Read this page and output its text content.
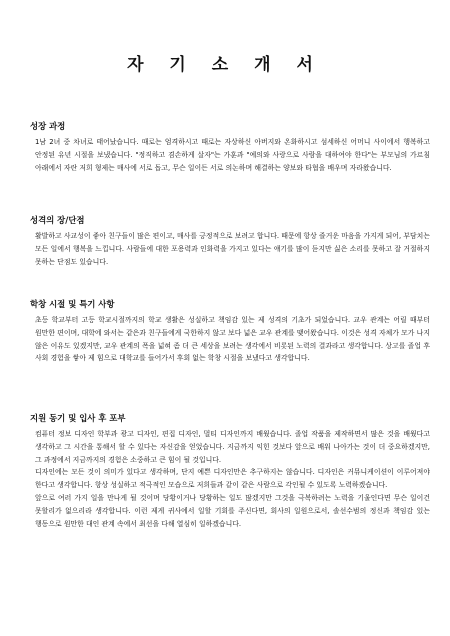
자 기 소 개 서
성장 과정

1남 2녀 중 차녀로 태어났습니다. 때로는 엄격하시고 때로는 자상하신 아버지와 온화하시고 섬세하신 어머니 사이에서 행복하고 안정된 유년 시절을 보냈습니다. "정직하고 겸손하게 살자"는 가훈과 "예의와 사랑으로 사람을 대하여야 한다"는 부모님의 가르침 아래에서 자란 저희 형제는 매사에 서로 돕고, 무슨 일이든 서로 의논하며 해결하는 양보와 타협을 배우며 자라왔습니다.

성격의 장/단점

활발하고 사교성이 좋아 친구들이 많은 편이고, 매사를 긍정적으로 보려고 합니다. 때문에 항상 즐거운 마음을 가지게 되어, 부담치는 모든 일에서 행복을 느낍니다. 사람들에 대한 포용력과 인화력을 가지고 있다는 얘기를 많이 듣지만 싫은 소리를 못하고 잘 거절하지 못하는 단점도 있습니다.

학창 시절 및 특기 사항

초등 학교부터 고등 학교시절까지의 학교 생활은 성실하고 책임감 있는 제 성격의 기초가 되었습니다. 교우 관계는 어릴 때부터 원만한 편이며, 대학에 와서는 같은과 친구들에게 국한하지 않고 보다 넓은 교우 관계를 맺어왔습니다. 이것은 성격 자체가 모가 나지 않은 이유도 있겠지만, 교우 관계의 폭을 넓혀 좀 더 큰 세상을 보려는 생각에서 비롯된 노력의 결과라고 생각합니다. 상고를 졸업 후 사회 경험을 쌓아 제 힘으로 대학교를 들어가서 후회 없는 학창 시절을 보냈다고 생각합니다.

지원 동기 및 입사 후 포부

컴퓨터 정보 디자인 학부과 광고 디자인, 편집 디자인, 멀티 디자인까지 배웠습니다. 졸업 작품을 제작하면서 많은 것을 배웠다고 생각하고 그 시간을 통해서 할 수 있다는 자신감을 얻었습니다. 지금까지 익힌 것보다 앞으로 배워 나아가는 것이 더 중요하겠지만, 그 과정에서 지금까지의 경험은 소중하고 큰 힘이 될 것입니다.
디자인에는 모든 것이 의미가 있다고 생각하며, 단지 예쁜 디자인만은 추구하지는 않습니다. 디자인은 커뮤니케이션이 이루어져야 한다고 생각합니다. 항상 성실하고 적극적인 모습으로 저희들과 같이 같은 사람으로 각인될 수 있도록 노력하겠습니다.
앞으로 여러 가지 일을 만나게 될 것이며 당황이거나 당황하는 일도 많겠지만 그것을 극복하려는 노력을 기울인다면 무슨 일이건 못할리가 없으리라 생각합니다. 이런 제게 귀사에서 일할 기회를 주신다면, 회사의 일원으로서, 솔선수범의 정신과 책임감 있는 행동으로 원만한 대인 관계 속에서 최선을 다해 열심히 일하겠습니다.
